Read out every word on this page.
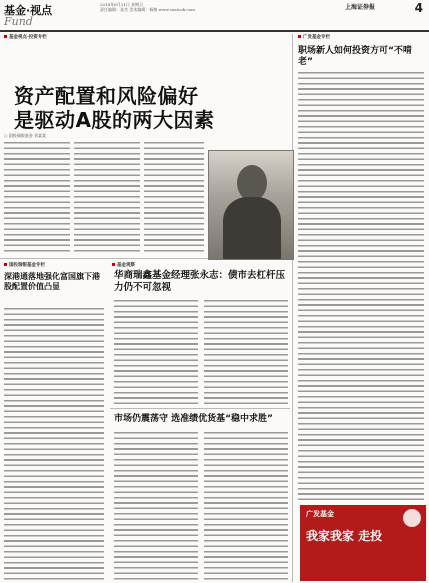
基金·视点
Fund
2018年6月21日 星期日
责任编辑：张杰 美术编辑：杨黎 www.cnstock.com	上海证券报	4
基金视点·投资专栏	广发基金专栏
国投瑞银基金专栏	基金观察
资产配置和风险偏好
是驱动A股的两大因素
○ 国投瑞银基金 刘某某
深港通落地强化富国旗下港股配置价值凸显
华商瑞鑫基金经理张永志：债市去杠杆压力仍不可忽视
市场仍震荡守 选准绩优货基“稳中求胜”
职场新人如何投资方可“不啃老”
广发基金
我家我家 走投
